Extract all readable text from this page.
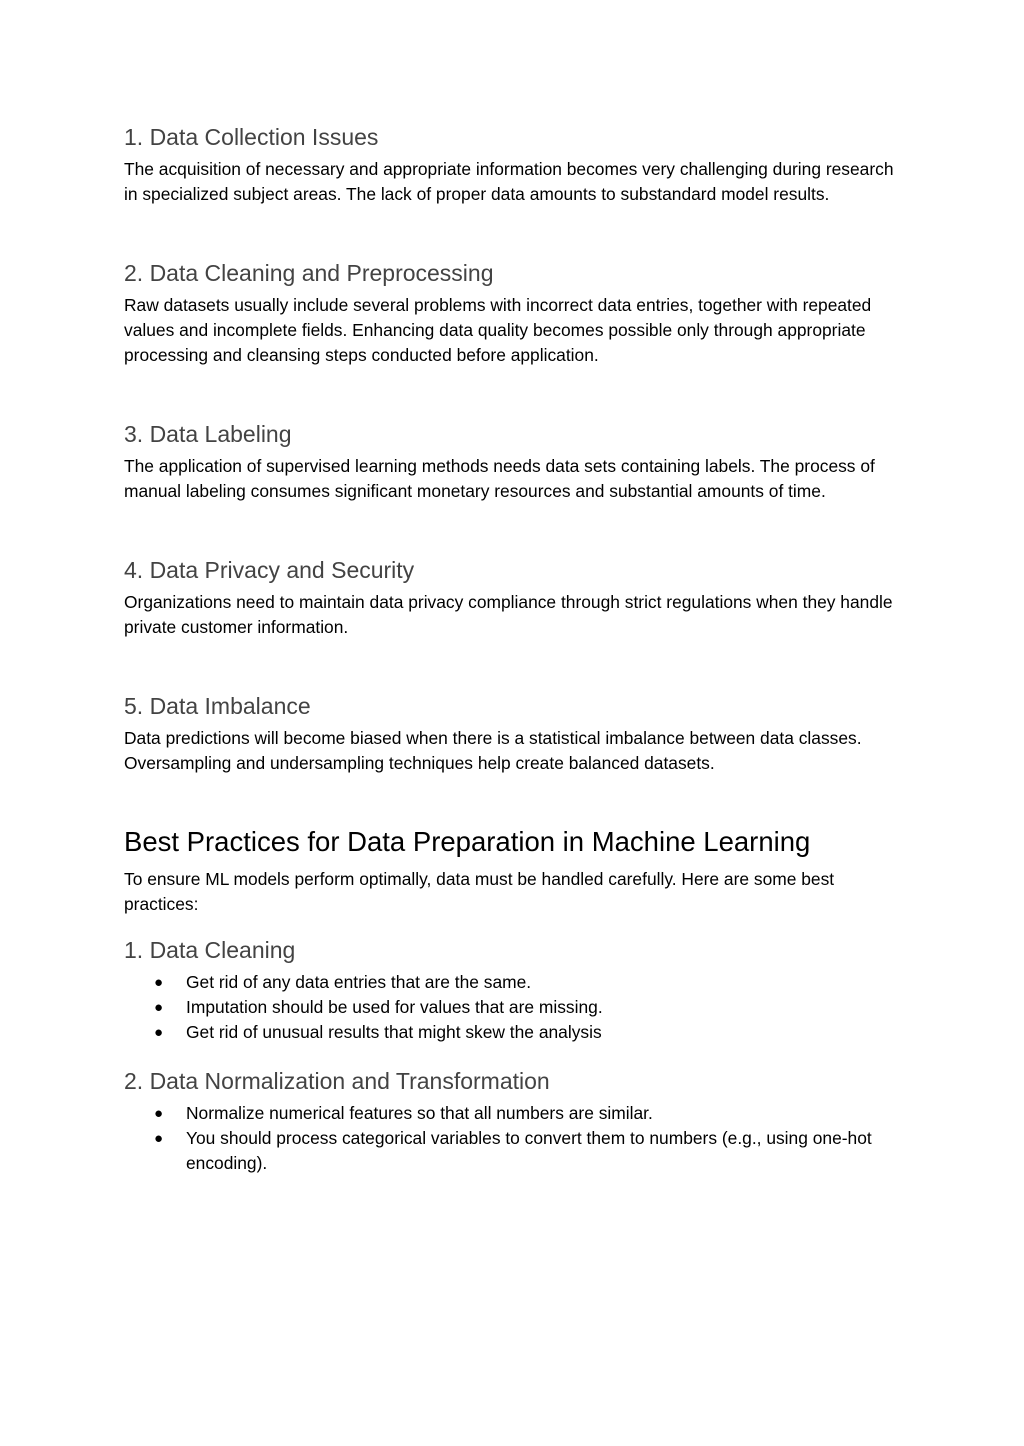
1. Data Collection Issues

The acquisition of necessary and appropriate information becomes very challenging during research in specialized subject areas. The lack of proper data amounts to substandard model results.

2. Data Cleaning and Preprocessing

Raw datasets usually include several problems with incorrect data entries, together with repeated values and incomplete fields. Enhancing data quality becomes possible only through appropriate processing and cleansing steps conducted before application.

3. Data Labeling

The application of supervised learning methods needs data sets containing labels. The process of manual labeling consumes significant monetary resources and substantial amounts of time.

4. Data Privacy and Security

Organizations need to maintain data privacy compliance through strict regulations when they handle private customer information.

5. Data Imbalance

Data predictions will become biased when there is a statistical imbalance between data classes. Oversampling and undersampling techniques help create balanced datasets.

Best Practices for Data Preparation in Machine Learning

To ensure ML models perform optimally, data must be handled carefully. Here are some best practices:

1. Data Cleaning
● Get rid of any data entries that are the same.
● Imputation should be used for values that are missing.
● Get rid of unusual results that might skew the analysis
2. Data Normalization and Transformation
● Normalize numerical features so that all numbers are similar.
● You should process categorical variables to convert them to numbers (e.g., using one-hot encoding).
